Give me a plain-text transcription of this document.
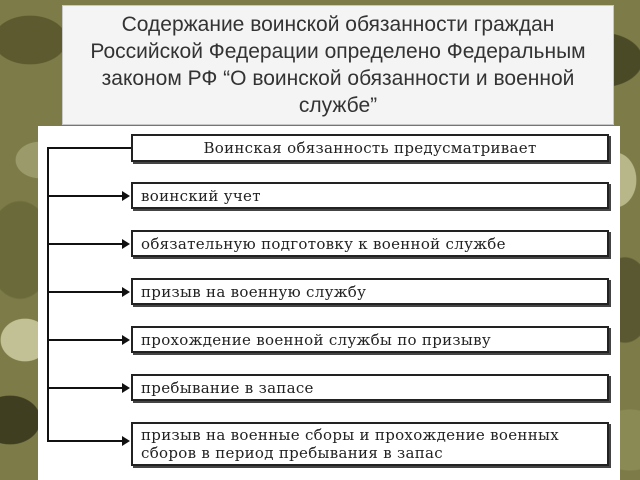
Содержание воинской обязанности граждан Российской Федерации определено Федеральным законом РФ “О воинской обязанности и военной службе”
Воинская обязанность предусматривает
воинский учет
обязательную подготовку к военной службе
призыв на военную службу
прохождение военной службы по призыву
пребывание в запасе
призыв на военные сборы и прохождение военных сборов в период пребывания в запас
